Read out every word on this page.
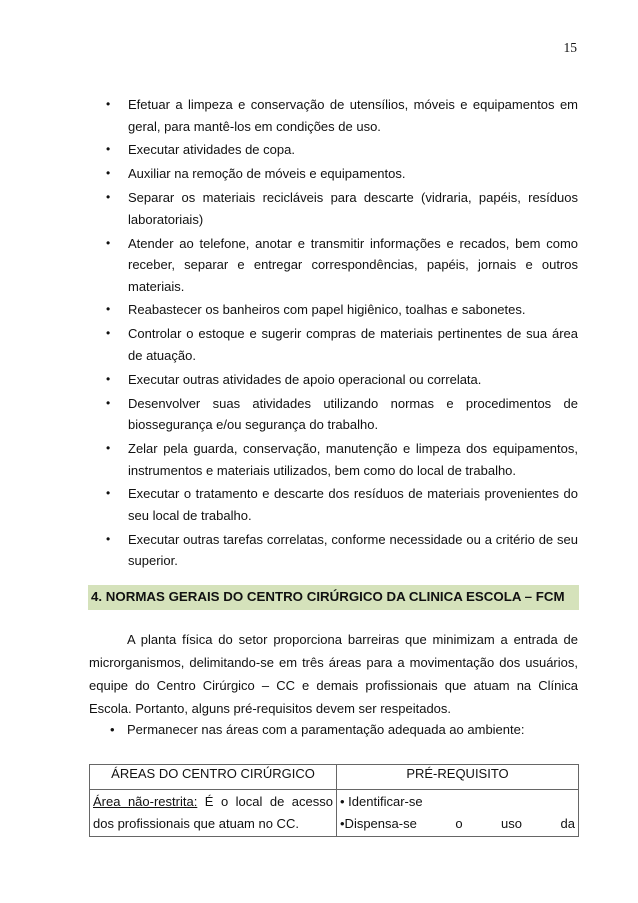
15
• Efetuar a limpeza e conservação de utensílios, móveis e equipamentos em geral, para mantê-los em condições de uso.
• Executar atividades de copa.
• Auxiliar na remoção de móveis e equipamentos.
• Separar os materiais recicláveis para descarte (vidraria, papéis, resíduos laboratoriais)
• Atender ao telefone, anotar e transmitir informações e recados, bem como receber, separar e entregar correspondências, papéis, jornais e outros materiais.
• Reabastecer os banheiros com papel higiênico, toalhas e sabonetes.
• Controlar o estoque e sugerir compras de materiais pertinentes de sua área de atuação.
• Executar outras atividades de apoio operacional ou correlata.
• Desenvolver suas atividades utilizando normas e procedimentos de biossegurança e/ou segurança do trabalho.
• Zelar pela guarda, conservação, manutenção e limpeza dos equipamentos, instrumentos e materiais utilizados, bem como do local de trabalho.
• Executar o tratamento e descarte dos resíduos de materiais provenientes do seu local de trabalho.
• Executar outras tarefas correlatas, conforme necessidade ou a critério de seu superior.
4. NORMAS GERAIS DO CENTRO CIRÚRGICO DA CLINICA ESCOLA – FCM

A planta física do setor proporciona barreiras que minimizam a entrada de microrganismos, delimitando-se em três áreas para a movimentação dos usuários, equipe do Centro Cirúrgico – CC e demais profissionais que atuam na Clínica Escola. Portanto, alguns pré-requisitos devem ser respeitados.

• Permanecer nas áreas com a paramentação adequada ao ambiente:
ÁREAS DO CENTRO CIRÚRGICO	PRÉ-REQUISITO
Área não-restrita: É o local de acesso dos profissionais que atuam no CC.	• Identificar-se
•Dispensa-se o uso da
